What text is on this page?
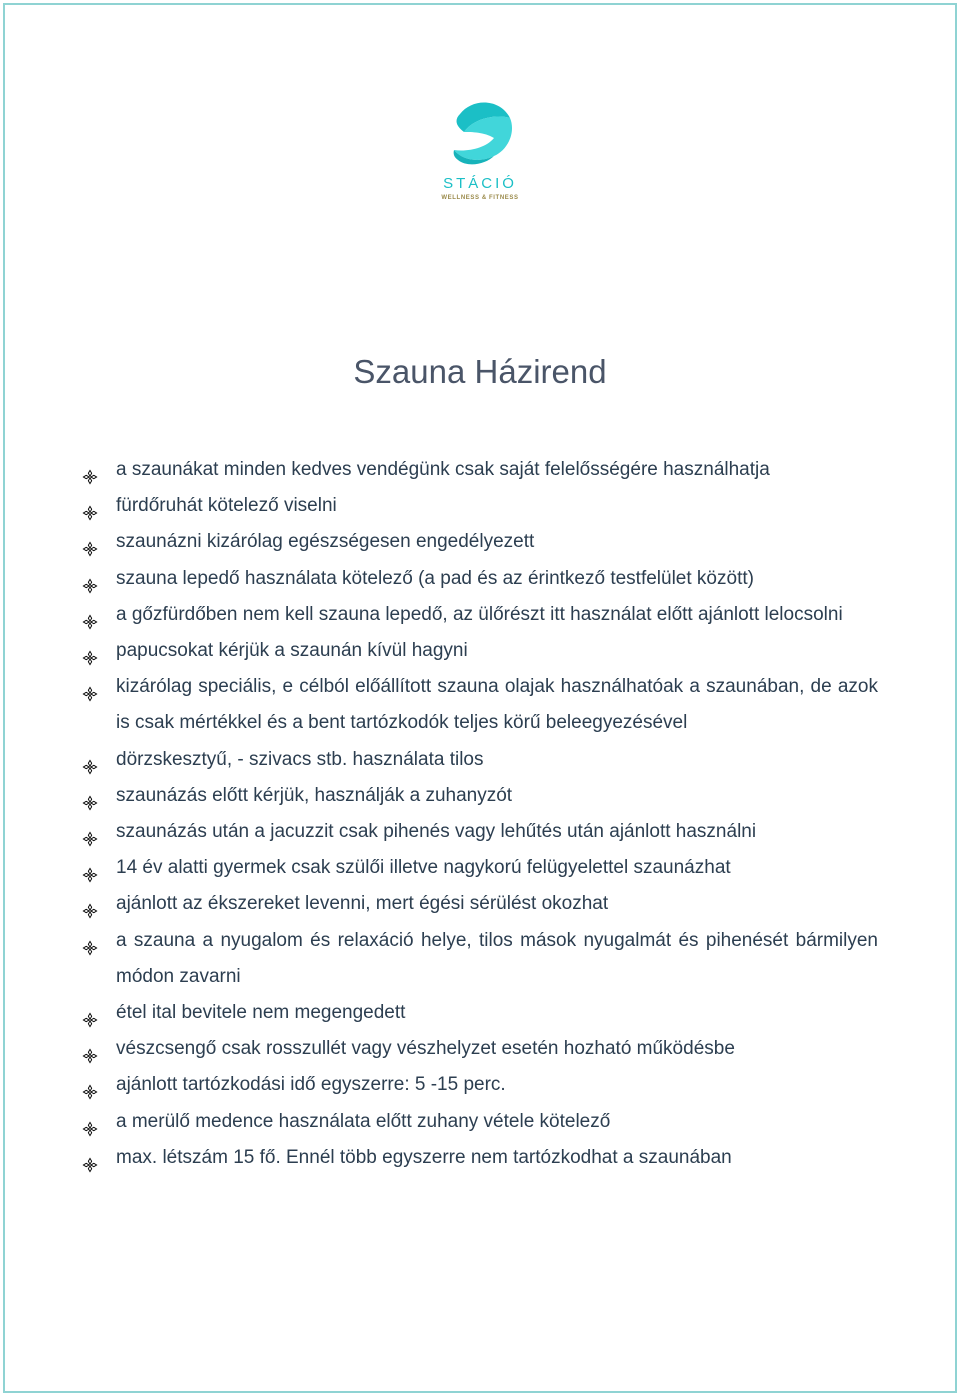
STÁCIÓ
WELLNESS & FITNESS
Szauna Házirend
a szaunákat minden kedves vendégünk csak saját felelősségére használhatja
fürdőruhát kötelező viselni
szaunázni kizárólag egészségesen engedélyezett
szauna lepedő használata kötelező (a pad és az érintkező testfelület között)
a gőzfürdőben nem kell szauna lepedő, az ülőrészt itt használat előtt ajánlott lelocsolni
papucsokat kérjük a szaunán kívül hagyni
kizárólag speciális, e célból előállított szauna olajak használhatóak a szaunában, de azok is csak mértékkel és a bent tartózkodók teljes körű beleegyezésével
dörzskesztyű, - szivacs stb. használata tilos
szaunázás előtt kérjük, használják a zuhanyzót
szaunázás után a jacuzzit csak pihenés vagy lehűtés után ajánlott használni
14 év alatti gyermek csak szülői illetve nagykorú felügyelettel szaunázhat
ajánlott az ékszereket levenni, mert égési sérülést okozhat
a szauna a nyugalom és relaxáció helye, tilos mások nyugalmát és pihenését bármilyen módon zavarni
étel ital bevitele nem megengedett
vészcsengő csak rosszullét vagy vészhelyzet esetén hozható működésbe
ajánlott tartózkodási idő egyszerre: 5 -15 perc.
a merülő medence használata előtt zuhany vétele kötelező
max. létszám 15 fő. Ennél több egyszerre nem tartózkodhat a szaunában
